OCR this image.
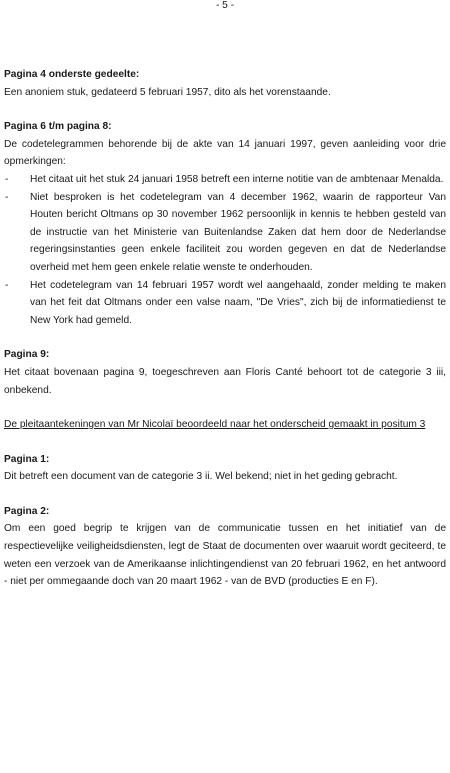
- 5 -

Pagina 4 onderste gedeelte:

Een anoniem stuk, gedateerd 5 februari 1957, dito als het vorenstaande.

Pagina 6 t/m pagina 8:

De codetelegrammen behorende bij de akte van 14 januari 1997, geven aanleiding voor drie opmerkingen:

- Het citaat uit het stuk 24 januari 1958 betreft een interne notitie van de ambtenaar Menalda.
- Niet besproken is het codetelegram van 4 december 1962, waarin de rapporteur Van Houten bericht Oltmans op 30 november 1962 persoonlijk in kennis te hebben gesteld van de instructie van het Ministerie van Buitenlandse Zaken dat hem door de Nederlandse regeringsinstanties geen enkele faciliteit zou worden gegeven en dat de Nederlandse overheid met hem geen enkele relatie wenste te onderhouden.
- Het codetelegram van 14 februari 1957 wordt wel aangehaald, zonder melding te maken van het feit dat Oltmans onder een valse naam, "De Vries", zich bij de informatiedienst te New York had gemeld.

Pagina 9:

Het citaat bovenaan pagina 9, toegeschreven aan Floris Canté behoort tot de categorie 3 iii, onbekend.

De pleitaantekeningen van Mr Nicolaï beoordeeld naar het onderscheid gemaakt in positum 3

Pagina 1:

Dit betreft een document van de categorie 3 ii. Wel bekend; niet in het geding gebracht.

Pagina 2:

Om een goed begrip te krijgen van de communicatie tussen en het initiatief van de respectievelijke veiligheidsdiensten, legt de Staat de documenten over waaruit wordt geciteerd, te weten een verzoek van de Amerikaanse inlichtingendienst van 20 februari 1962, en het antwoord - niet per ommegaande doch van 20 maart 1962 - van de BVD (producties E en F).
